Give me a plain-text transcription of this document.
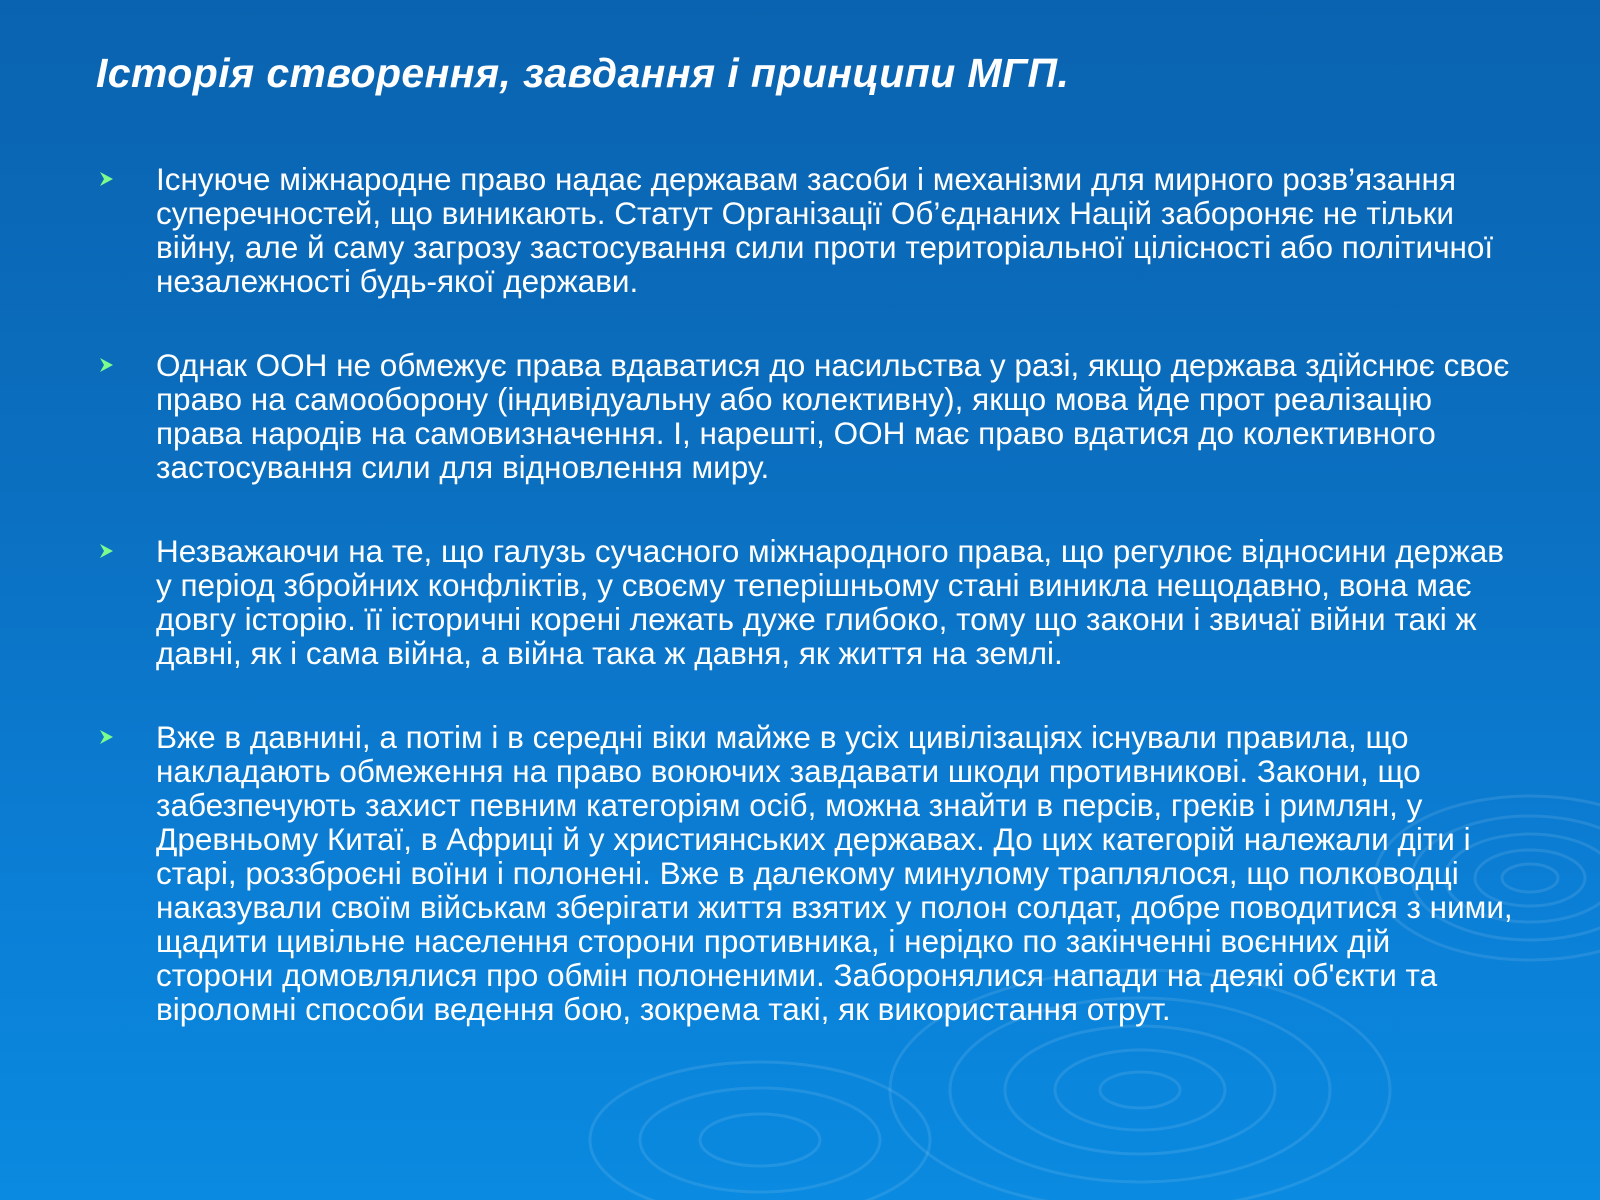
Історія створення, завдання і принципи МГП.
Існуюче міжнародне право надає державам засоби і механізми для мирного розв’язання суперечностей, що виникають. Статут Організації Об’єднаних Націй забороняє не тільки війну, але й саму загрозу застосування сили проти територіальної цілісності або політичної незалежності будь-якої держави.
Однак ООН не обмежує права вдаватися до насильства у разі, якщо держава здійснює своє право на самооборону (індивідуальну або колективну), якщо мова йде прот реалізацію права народів на самовизначення. І, нарешті, ООН має право вдатися до колективного застосування сили для відновлення миру.
Незважаючи на те, що галузь сучасного міжнародного права, що регулює відносини держав у період збройних конфліктів, у своєму теперішньому стані виникла нещодавно, вона має довгу історію. її історичні корені лежать дуже глибоко, тому що закони і звичаї війни такі ж давні, як і сама війна, а війна така ж давня, як життя на землі.
Вже в давнині, а потім і в середні віки майже в усіх цивілізаціях існували правила, що накладають обмеження на право воюючих завдавати шкоди противникові. Закони, що забезпечують захист певним категоріям осіб, можна знайти в персів, греків і римлян, у Древньому Китаї, в Африці й у християнських державах. До цих категорій належали діти і старі, роззброєні воїни і полонені. Вже в далекому минулому траплялося, що полководці наказували своїм військам зберігати життя взятих у полон солдат, добре поводитися з ними, щадити цивільне населення сторони противника, і нерідко по закінченні воєнних дій сторони домовлялися про обмін полоненими. Заборонялися напади на деякі об'єкти та віроломні способи ведення бою, зокрема такі, як використання отрут.
